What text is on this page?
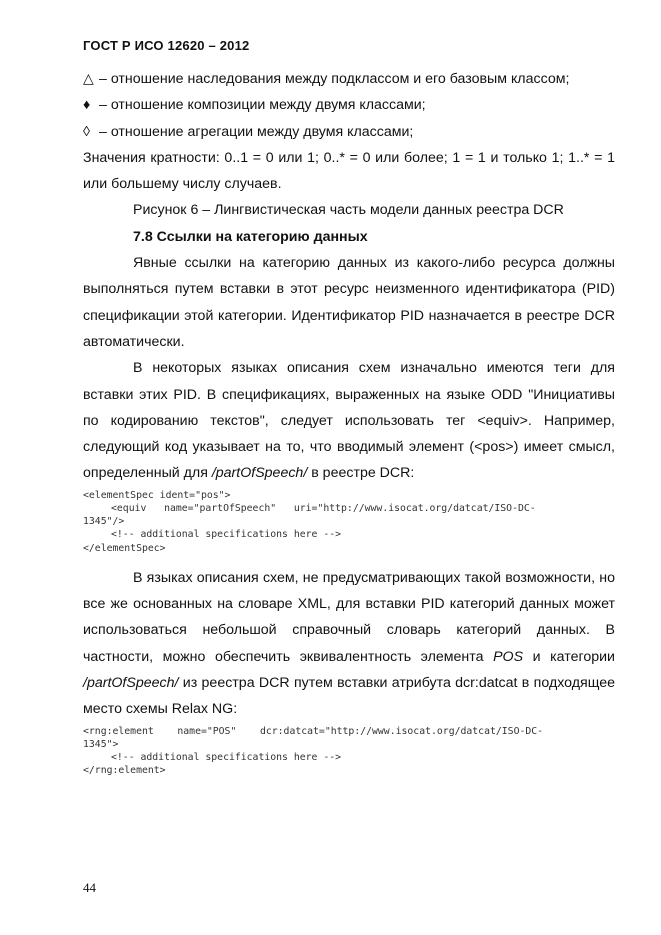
ГОСТ Р ИСО 12620 – 2012

△ – отношение наследования между подклассом и его базовым классом;

♦ – отношение композиции между двумя классами;

◊ – отношение агрегации между двумя классами;

Значения кратности: 0..1 = 0 или 1; 0..* = 0 или более; 1 = 1 и только 1; 1..* = 1 или большему числу случаев.

Рисунок 6 – Лингвистическая часть модели данных реестра DCR

7.8 Ссылки на категорию данных

Явные ссылки на категорию данных из какого-либо ресурса должны выполняться путем вставки в этот ресурс неизменного идентификатора (PID) спецификации этой категории. Идентификатор PID назначается в реестре DCR автоматически.

В некоторых языках описания схем изначально имеются теги для вставки этих PID. В спецификациях, выраженных на языке ODD "Инициативы по кодированию текстов", следует использовать тег <equiv>. Например, следующий код указывает на то, что вводимый элемент (<pos>) имеет смысл, определенный для /partOfSpeech/ в реестре DCR:

<elementSpec ident="pos">
<equiv   name="partOfSpeech"   uri="http://www.isocat.org/datcat/ISO-DC-
1345"/>
<!-- additional specifications here -->
</elementSpec>

В языках описания схем, не предусматривающих такой возможности, но все же основанных на словаре XML, для вставки PID категорий данных может использоваться небольшой справочный словарь категорий данных. В частности, можно обеспечить эквивалентность элемента POS и категории /partOfSpeech/ из реестра DCR путем вставки атрибута dcr:datcat в подходящее место схемы Relax NG:

<rng:element    name="POS"    dcr:datcat="http://www.isocat.org/datcat/ISO-DC-
1345">
<!-- additional specifications here -->
</rng:element>
44
